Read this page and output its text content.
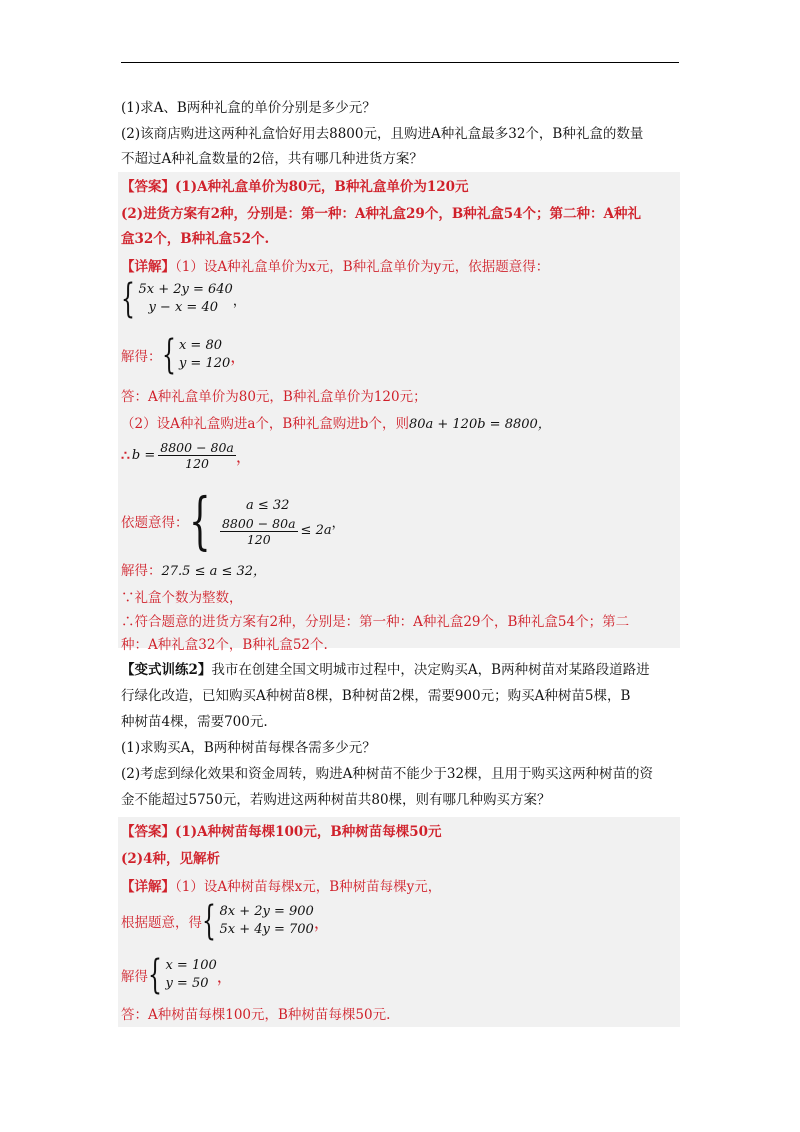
(1)求A、B两种礼盒的单价分别是多少元？
(2)该商店购进这两种礼盒恰好用去8800元，且购进A种礼盒最多32个，B种礼盒的数量
不超过A种礼盒数量的2倍，共有哪几种进货方案？
【答案】(1)A种礼盒单价为80元，B种礼盒单价为120元
(2)进货方案有2种，分别是：第一种：A种礼盒29个，B种礼盒54个；第二种：A种礼
盒32个，B种礼盒52个.
【详解】（1）设A种礼盒单价为x元，B种礼盒单价为y元，依据题意得：
{ 5x + 2y = 640
y − x = 40	，
解得： { x = 80
y = 120 ，
答：A种礼盒单价为80元，B种礼盒单价为120元；
（2）设A种礼盒购进a个，B种礼盒购进b个，则80a + 120b = 8800，
∴ $b = \frac{8800 - 80a}{120}$ ，
依题意得： {	a ≤ 32
$\frac{8800 - 80a}{120} \le 2a$ ，
解得：27.5 ≤ a ≤ 32，
∵礼盒个数为整数，
∴符合题意的进货方案有2种，分别是：第一种：A种礼盒29个，B种礼盒54个；第二
种：A种礼盒32个，B种礼盒52个.
【变式训练2】我市在创建全国文明城市过程中，决定购买A，B两种树苗对某路段道路进
行绿化改造，已知购买A种树苗8棵，B种树苗2棵，需要900元；购买A种树苗5棵，B
种树苗4棵，需要700元.
(1)求购买A，B两种树苗每棵各需多少元？
(2)考虑到绿化效果和资金周转，购进A种树苗不能少于32棵，且用于购买这两种树苗的资
金不能超过5750元，若购进这两种树苗共80棵，则有哪几种购买方案？
【答案】(1)A种树苗每棵100元，B种树苗每棵50元
(2)4种，见解析
【详解】（1）设A种树苗每棵x元，B种树苗每棵y元，
根据题意，得 { 8x + 2y = 900
5x + 4y = 700 ，
解得 { x = 100
y = 50 ，
答：A种树苗每棵100元，B种树苗每棵50元.
